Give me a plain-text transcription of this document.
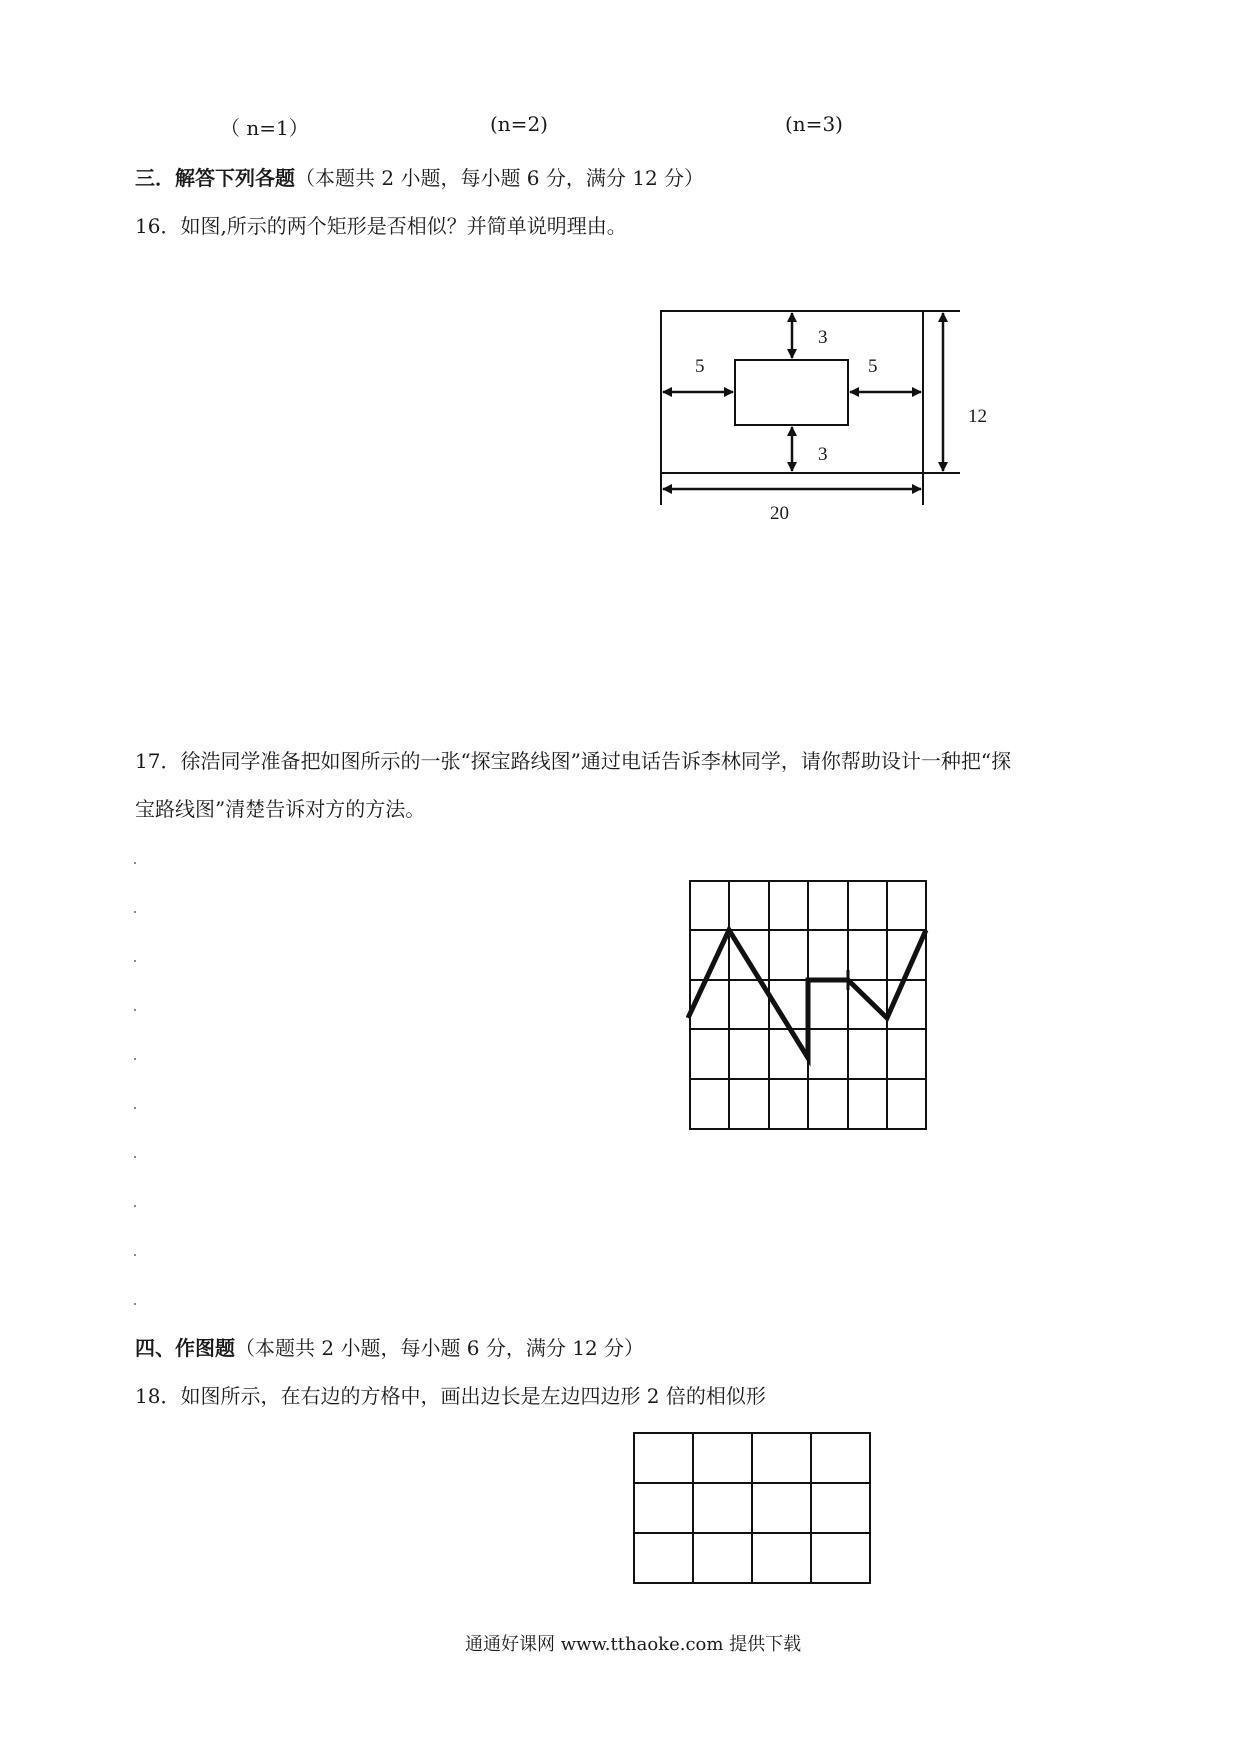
（ n=1）	(n=2)	(n=3)
三．解答下列各题（本题共 2 小题，每小题 6 分，满分 12 分）
16．如图,所示的两个矩形是否相似？并简单说明理由。
3
3
5	5
12
20
17．徐浩同学准备把如图所示的一张“探宝路线图”通过电话告诉李林同学，请你帮助设计一种把“探
宝路线图”清楚告诉对方的方法。
四、作图题（本题共 2 小题，每小题 6 分，满分 12 分）
18．如图所示，在右边的方格中，画出边长是左边四边形 2 倍的相似形
通通好课网 www.tthaoke.com 提供下载
